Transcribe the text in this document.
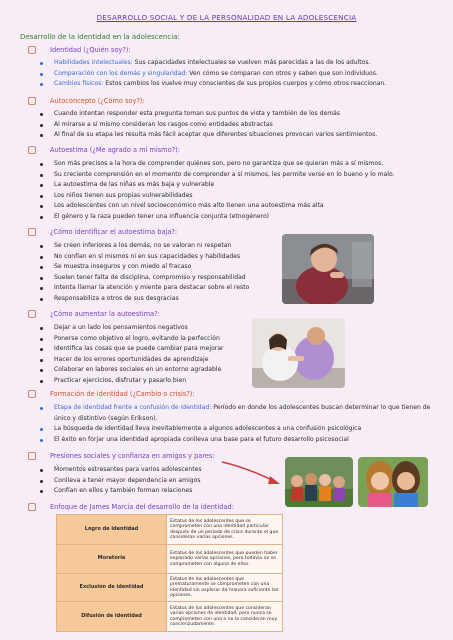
DESARROLLO SOCIAL Y DE LA PERSONALIDAD EN LA ADOLESCENCIA
Desarrollo de la identidad en la adolescencia:
Identidad (¿Quién soy?):
Habilidades intelectuales: Sus capacidades intelectuales se vuelven más parecidas a las de los adultos.
Comparación con los demás y singularidad: Ven cómo se comparan con otros y saben que son individuos.
Cambios físicos: Estos cambios los vuelve muy conscientes de sus propios cuerpos y cómo otros reaccionan.
Autoconcepto (¿Cómo soy?):
Cuando intentan responder esta pregunta toman sus puntos de vista y también de los demás
Al mirarse a sí mismo consideran los rasgos como entidades abstractas
Al final de su etapa les resulta más fácil aceptar que diferentes situaciones provocan varios sentimientos.
Autoestima (¿Me agrado a mí mismo?):
Son más precisos a la hora de comprender quiénes son, pero no garantiza que se quieran más a sí mismos.
Su creciente comprensión en el momento de comprender a sí mismos, les permite verse en lo bueno y lo malo.
La autoestima de las niñas es más baja y vulnerable
Los niños tienen sus propias vulnerabilidades
Los adolescentes con un nivel socioeconómico más alto tienen una autoestima más alta
El género y la raza pueden tener una influencia conjunta (etnogénero)
¿Cómo identificar el autoestima baja?:
Se creen inferiores a los demás, no se valoran ni respetan
No confían en sí mismos ni en sus capacidades y habilidades
Se muestra inseguros y con miedo al fracaso
Suelen tener falta de disciplina, compromiso y responsabilidad
Intenta llamar la atención y miente para destacar sobre el resto
Responsabiliza a otros de sus desgracias
¿Cómo aumentar la autoestima?:
Dejar a un lado los pensamientos negativos
Ponerse como objetivo el logro, evitando la perfección
Identifica las cosas que se puede cambiar para mejorar
Hacer de los errores oportunidades de aprendizaje
Colaborar en labores sociales en un entorno agradable
Practicar ejercicios, disfrutar y pasarlo bien
Formación de identidad (¿Cambio o crisis?):
Etapa de identidad frente a confusión de identidad: Período en donde los adolescentes buscan determinar lo que tienen de único y distintivo (según Erikson).
La búsqueda de identidad lleva inevitablemente a algunos adolescentes a una confusión psicológica
El éxito en forjar una identidad apropiada conlleva una base para el futuro desarrollo psicosocial
Presiones sociales y confianza en amigos y pares:
Momentos estresantes para varios adolescentes
Conlleva a tener mayor dependencia en amigos
Confían en ellos y también forman relaciones
Enfoque de James Marcia del desarrollo de la identidad:
Logro de identidad	Estatus de los adolescentes que se comprometen con una identidad particular después de un periodo de crisis durante el que consideran varias opciones.
Moratoria	Estatus de los adolescentes que pueden haber explorado varias opciones, pero todavía no se comprometen con alguna de ellas.
Exclusión de identidad	Estatus de los adolescentes que prematuramente se comprometen con una identidad sin explorar de manera suficiente las opciones.
Difusión de identidad	Estatus de los adolescentes que consideran varias opciones de identidad, pero nunca se comprometen con una o no la consideran muy concienzudamente.
